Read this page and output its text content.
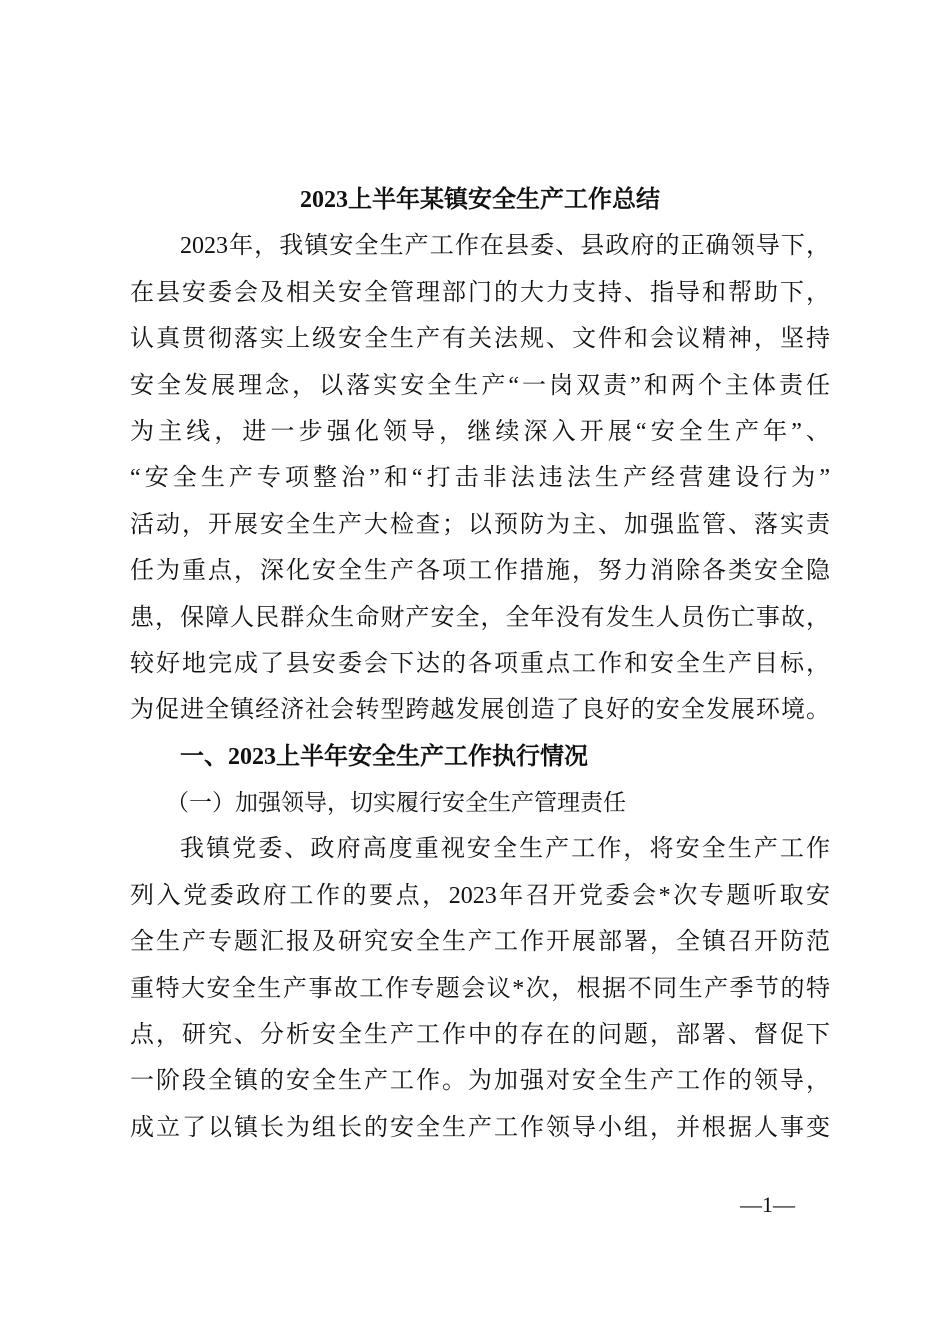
2023上半年某镇安全生产工作总结
2023年，我镇安全生产工作在县委、县政府的正确领导下，
在县安委会及相关安全管理部门的大力支持、指导和帮助下，
认真贯彻落实上级安全生产有关法规、文件和会议精神，坚持
安全发展理念，以落实安全生产“一岗双责”和两个主体责任
为主线，进一步强化领导，继续深入开展“安全生产年”、
“安全生产专项整治”和“打击非法违法生产经营建设行为”
活动，开展安全生产大检查；以预防为主、加强监管、落实责
任为重点，深化安全生产各项工作措施，努力消除各类安全隐
患，保障人民群众生命财产安全，全年没有发生人员伤亡事故，
较好地完成了县安委会下达的各项重点工作和安全生产目标，
为促进全镇经济社会转型跨越发展创造了良好的安全发展环境。
一、2023上半年安全生产工作执行情况
（一）加强领导，切实履行安全生产管理责任
我镇党委、政府高度重视安全生产工作，将安全生产工作
列入党委政府工作的要点，2023年召开党委会*次专题听取安
全生产专题汇报及研究安全生产工作开展部署，全镇召开防范
重特大安全生产事故工作专题会议*次，根据不同生产季节的特
点，研究、分析安全生产工作中的存在的问题，部署、督促下
一阶段全镇的安全生产工作。为加强对安全生产工作的领导，
成立了以镇长为组长的安全生产工作领导小组，并根据人事变
—1—
